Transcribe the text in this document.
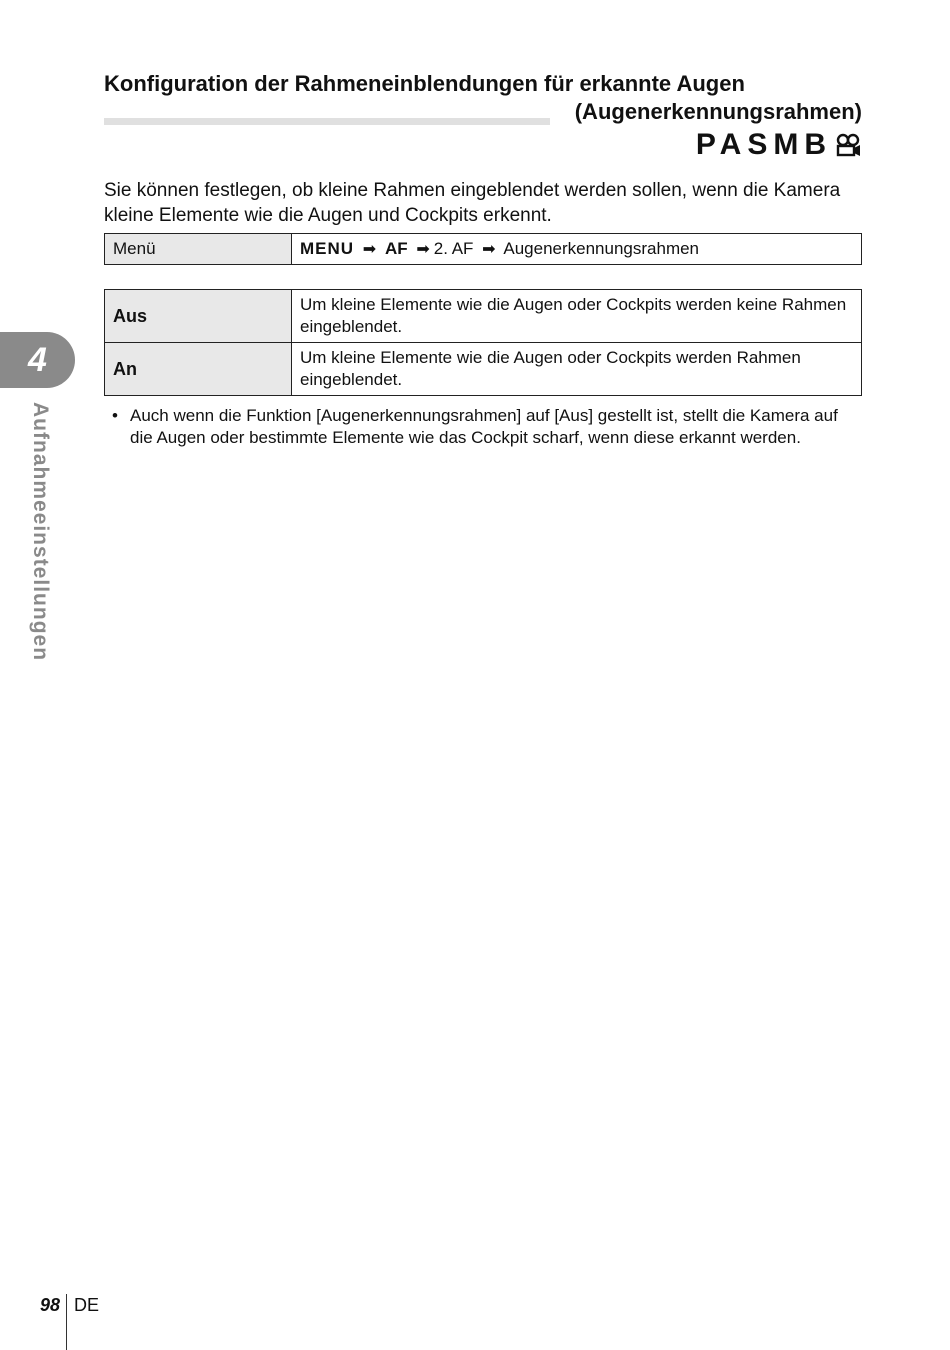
Konfiguration der Rahmeneinblendungen für erkannte Augen
(Augenerkennungsrahmen)
PASMB
Sie können festlegen, ob kleine Rahmen eingeblendet werden sollen, wenn die Kamera kleine Elemente wie die Augen und Cockpits erkennt.
Menü	MENU ➡ AF ➡ 2. AF ➡ Augenerkennungsrahmen
Aus	Um kleine Elemente wie die Augen oder Cockpits werden keine Rahmen eingeblendet.
An	Um kleine Elemente wie die Augen oder Cockpits werden Rahmen eingeblendet.
• Auch wenn die Funktion [Augenerkennungsrahmen] auf [Aus] gestellt ist, stellt die Kamera auf die Augen oder bestimmte Elemente wie das Cockpit scharf, wenn diese erkannt werden.
4
Aufnahmeeinstellungen
98 DE
